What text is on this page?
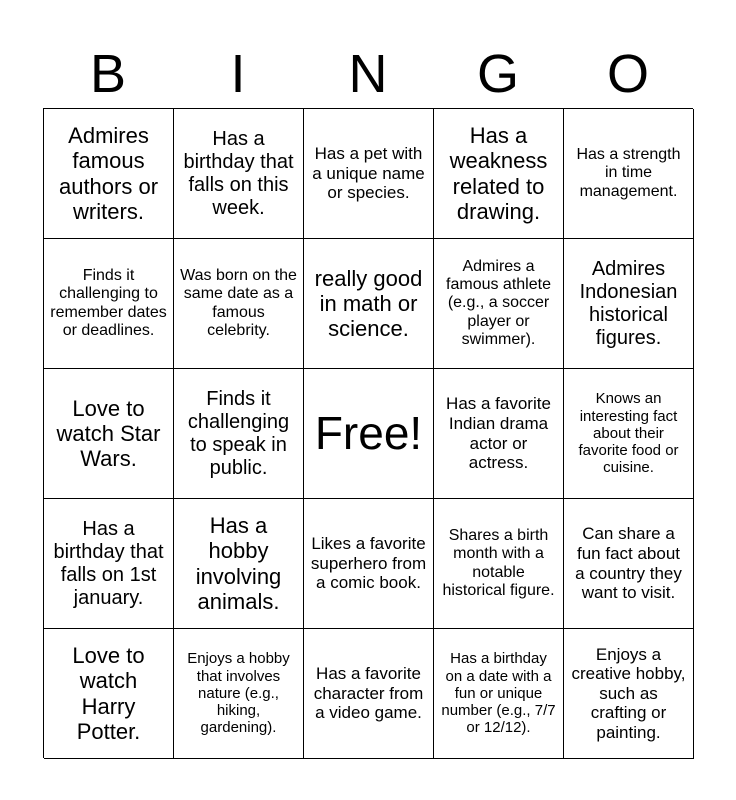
B	I	N	G	O
Admires famous authors or writers.
Has a birthday that falls on this week.
Has a pet with a unique name or species.
Has a weakness related to drawing.
Has a strength in time management.
Finds it challenging to remember dates or deadlines.
Was born on the same date as a famous celebrity.
really good in math or science.
Admires a famous athlete (e.g., a soccer player or swimmer).
Admires Indonesian historical figures.
Love to watch Star Wars.
Finds it challenging to speak in public.
Free!
Has a favorite Indian drama actor or actress.
Knows an interesting fact about their favorite food or cuisine.
Has a birthday that falls on 1st january.
Has a hobby involving animals.
Likes a favorite superhero from a comic book.
Shares a birth month with a notable historical figure.
Can share a fun fact about a country they want to visit.
Love to watch Harry Potter.
Enjoys a hobby that involves nature (e.g., hiking, gardening).
Has a favorite character from a video game.
Has a birthday on a date with a fun or unique number (e.g., 7/7 or 12/12).
Enjoys a creative hobby, such as crafting or painting.
